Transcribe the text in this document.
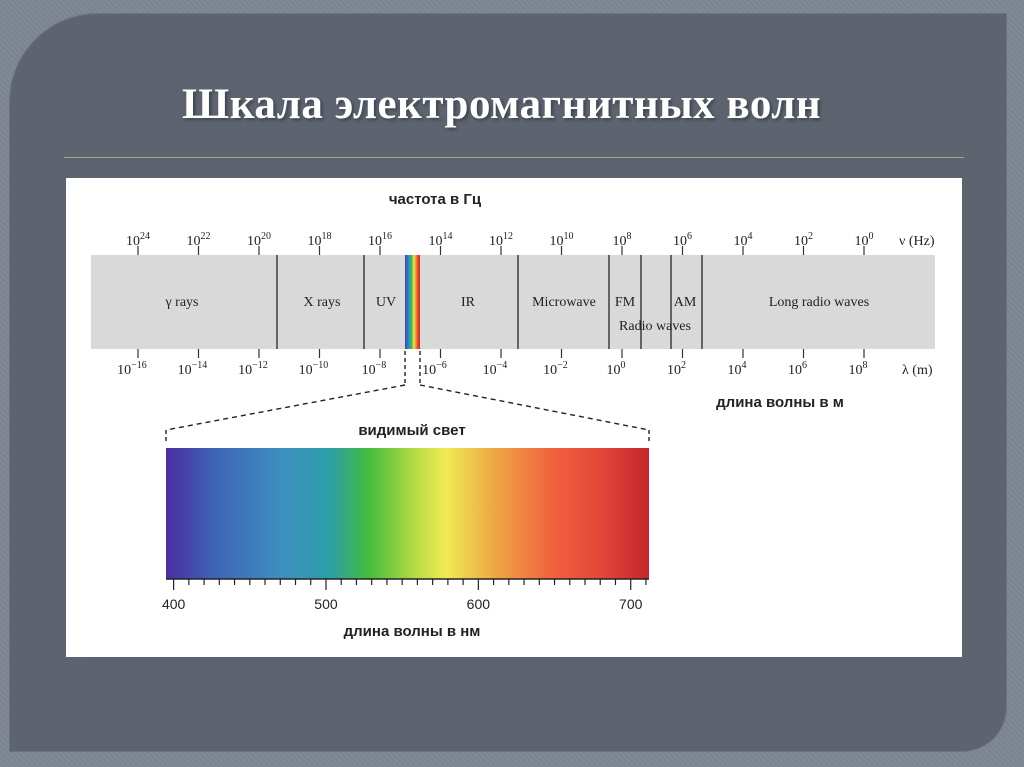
Шкала электромагнитных волн
частота в Гц
$10^{24}$	$10^{22}$	$10^{20}$	$10^{18}$	$10^{16}$	$10^{14}$	$10^{12}$	$10^{10}$	$10^8$	$10^6$	$10^4$	$10^2$	$10^0$ ν (Hz)
γ rays	X rays	UV	IR	Microwave FM	AM
Radio waves
Long radio waves
$10^{-16}$ $10^{-14}$ $10^{-12}$ $10^{-10}$ $10^{-8}$	$10^{-6}$	$10^{-4}$	$10^{-2}$	$10^0$	$10^2$	$10^4$	$10^6$	$10^8$ λ (m)
длина волны в м
видимый свет
400	500	600	700
длина волны в нм
